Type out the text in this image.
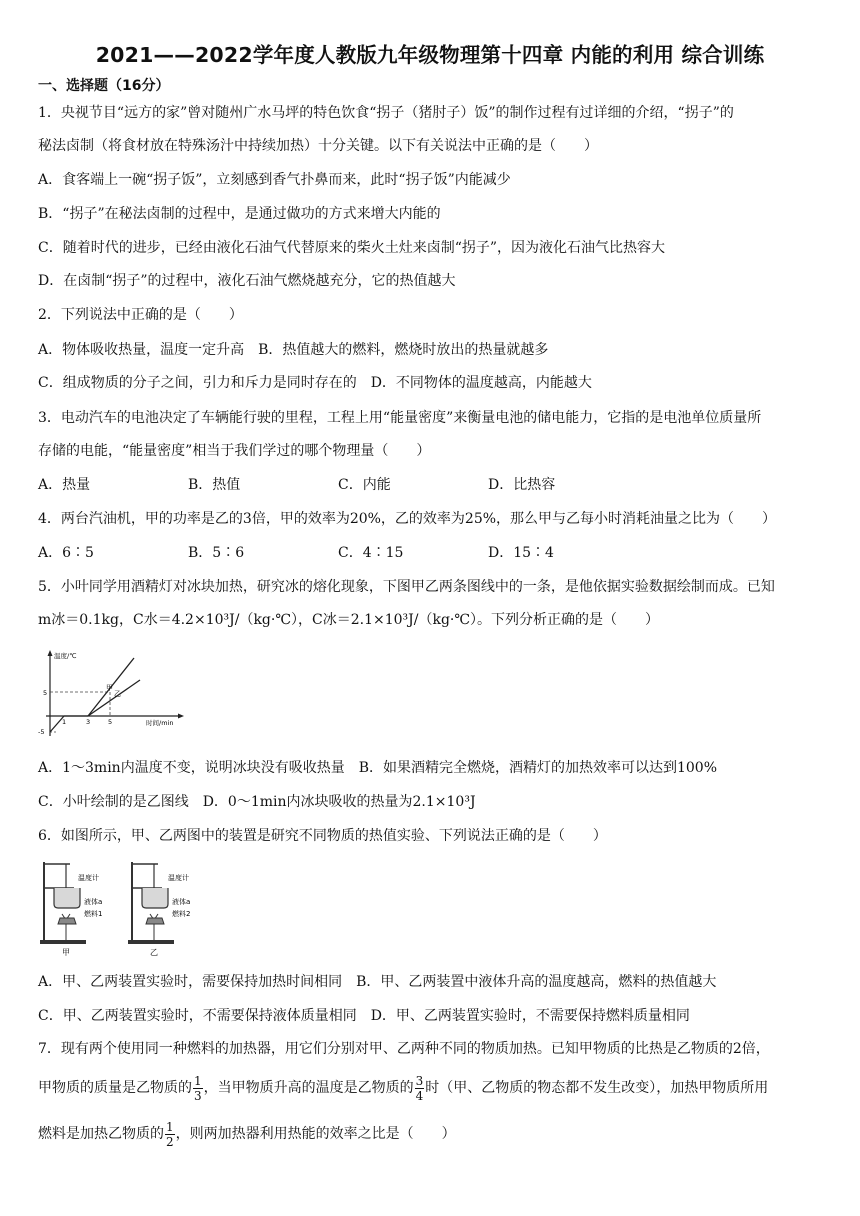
2021——2022学年度人教版九年级物理第十四章 内能的利用 综合训练
一、选择题（16分）
1．央视节目“远方的家”曾对随州广水马坪的特色饮食“拐子（猪肘子）饭”的制作过程有过详细的介绍，“拐子”的
秘法卤制（将食材放在特殊汤汁中持续加热）十分关键。以下有关说法中正确的是（　　）
A．食客端上一碗“拐子饭”，立刻感到香气扑鼻而来，此时“拐子饭”内能减少
B．“拐子”在秘法卤制的过程中，是通过做功的方式来增大内能的
C．随着时代的进步，已经由液化石油气代替原来的柴火土灶来卤制“拐子”，因为液化石油气比热容大
D．在卤制“拐子”的过程中，液化石油气燃烧越充分，它的热值越大
2．下列说法中正确的是（　　）
A．物体吸收热量，温度一定升高　B．热值越大的燃料，燃烧时放出的热量就越多
C．组成物质的分子之间，引力和斥力是同时存在的　D．不同物体的温度越高，内能越大
3．电动汽车的电池决定了车辆能行驶的里程，工程上用“能量密度”来衡量电池的储电能力，它指的是电池单位质量所
存储的电能，“能量密度”相当于我们学过的哪个物理量（　　）
A．热量	B．热值	C．内能	D．比热容
4．两台汽油机，甲的功率是乙的3倍，甲的效率为20%，乙的效率为25%，那么甲与乙每小时消耗油量之比为（　　）
A．6∶5	B．5∶6	C．4∶15	D．15∶4
5．小叶同学用酒精灯对冰块加热，研究冰的熔化现象，下图甲乙两条图线中的一条，是他依据实验数据绘制而成。已知
m冰＝0.1kg，C水＝4.2×10³J/（kg·℃），C冰＝2.1×10³J/（kg·℃）。下列分析正确的是（　　）
温度/℃
时间/min
甲
乙
5
-5
1	3	5
A．1～3min内温度不变，说明冰块没有吸收热量　B．如果酒精完全燃烧，酒精灯的加热效率可以达到100%
C．小叶绘制的是乙图线　D．0～1min内冰块吸收的热量为2.1×10³J
6．如图所示，甲、乙两图中的装置是研究不同物质的热值实验、下列说法正确的是（　　）
温度计
液体a
燃料1
甲
温度计
液体a
燃料2
乙
A．甲、乙两装置实验时，需要保持加热时间相同　B．甲、乙两装置中液体升高的温度越高，燃料的热值越大
C．甲、乙两装置实验时，不需要保持液体质量相同　D．甲、乙两装置实验时，不需要保持燃料质量相同
7．现有两个使用同一种燃料的加热器，用它们分别对甲、乙两种不同的物质加热。已知甲物质的比热是乙物质的2倍，
甲物质的质量是乙物质的 $\frac{1}{3}$ ，当甲物质升高的温度是乙物质的 $\frac{3}{4}$ 时（甲、乙物质的物态都不发生改变），加热甲物质所用
燃料是加热乙物质的 $\frac{1}{2}$ ，则两加热器利用热能的效率之比是（　　）
